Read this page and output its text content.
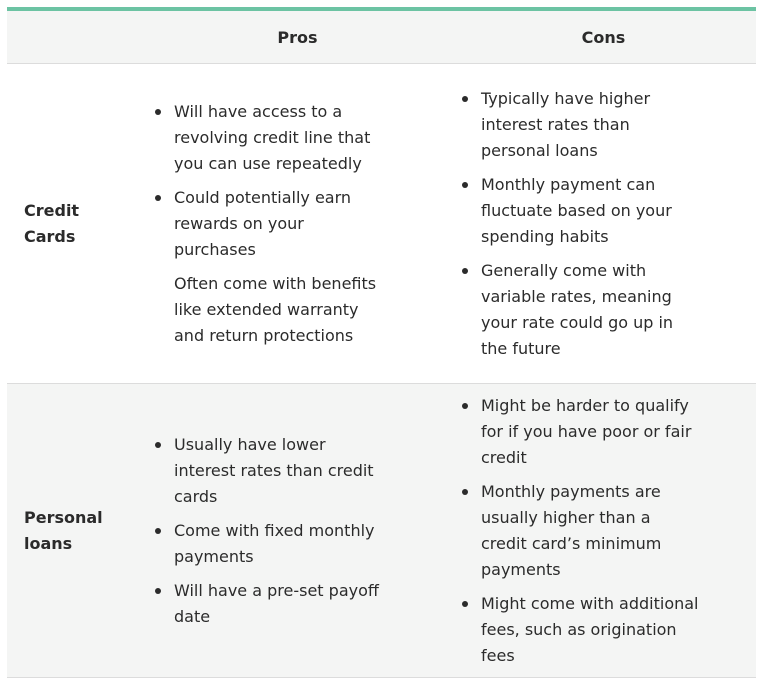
Pros	Cons
Credit Cards
Will have access to a revolving credit line that you can use repeatedly
Could potentially earn rewards on your purchases
Often come with benefits like extended warranty and return protections
Typically have higher interest rates than personal loans
Monthly payment can fluctuate based on your spending habits
Generally come with variable rates, meaning your rate could go up in the future
Personal loans
Usually have lower interest rates than credit cards
Come with fixed monthly payments
Will have a pre-set payoff date
Might be harder to qualify for if you have poor or fair credit
Monthly payments are usually higher than a credit card’s minimum payments
Might come with additional fees, such as origination fees
